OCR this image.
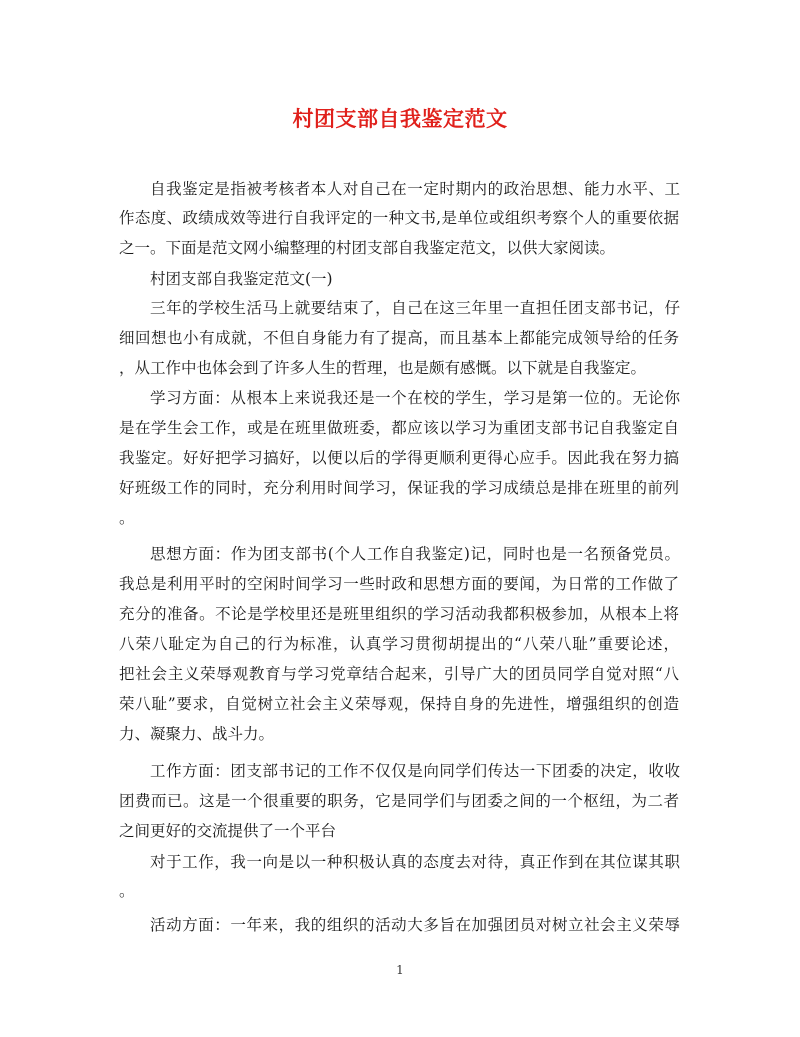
村团支部自我鉴定范文
自我鉴定是指被考核者本人对自己在一定时期内的政治思想、能力水平、工
作态度、政绩成效等进行自我评定的一种文书,是单位或组织考察个人的重要依据
之一。下面是范文网小编整理的村团支部自我鉴定范文，以供大家阅读。
村团支部自我鉴定范文(一)
三年的学校生活马上就要结束了，自己在这三年里一直担任团支部书记，仔
细回想也小有成就，不但自身能力有了提高，而且基本上都能完成领导给的任务
，从工作中也体会到了许多人生的哲理，也是颇有感慨。以下就是自我鉴定。
学习方面：从根本上来说我还是一个在校的学生，学习是第一位的。无论你
是在学生会工作，或是在班里做班委，都应该以学习为重团支部书记自我鉴定自
我鉴定。好好把学习搞好，以便以后的学得更顺利更得心应手。因此我在努力搞
好班级工作的同时，充分利用时间学习，保证我的学习成绩总是排在班里的前列
。
思想方面：作为团支部书(个人工作自我鉴定)记，同时也是一名预备党员。
我总是利用平时的空闲时间学习一些时政和思想方面的要闻，为日常的工作做了
充分的准备。不论是学校里还是班里组织的学习活动我都积极参加，从根本上将
八荣八耻定为自己的行为标准，认真学习贯彻胡提出的“八荣八耻”重要论述，
把社会主义荣辱观教育与学习党章结合起来，引导广大的团员同学自觉对照“八
荣八耻”要求，自觉树立社会主义荣辱观，保持自身的先进性，增强组织的创造
力、凝聚力、战斗力。
工作方面：团支部书记的工作不仅仅是向同学们传达一下团委的决定，收收
团费而已。这是一个很重要的职务，它是同学们与团委之间的一个枢纽，为二者
之间更好的交流提供了一个平台
对于工作，我一向是以一种积极认真的态度去对待，真正作到在其位谋其职
。
活动方面：一年来，我的组织的活动大多旨在加强团员对树立社会主义荣辱
1
